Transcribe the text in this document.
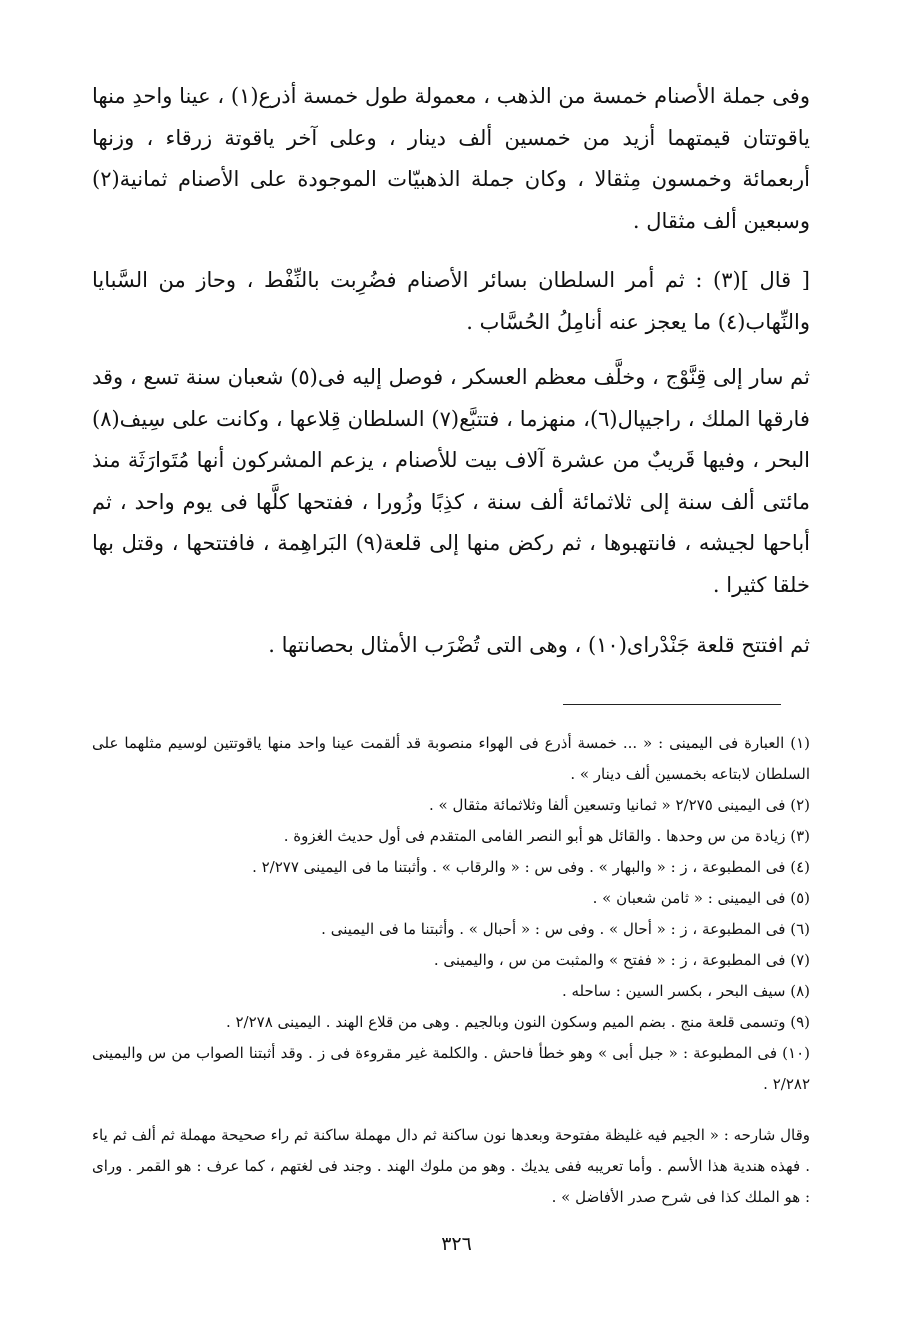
وفى جملة الأصنام خمسة من الذهب ، معمولة طول خمسة أذرع(١) ، عينا واحدِ منها ياقوتتان قيمتهما أزيد من خمسين ألف دينار ، وعلى آخر ياقوتة زرقاء ، وزنها أربعمائة وخمسون مِثقالا ، وكان جملة الذهبيّات الموجودة على الأصنام ثمانية(٢) وسبعين ألف مثقال .

[ قال ](٣) : ثم أمر السلطان بسائر الأصنام فضُرِبت بالنِّفْط ، وحاز من السَّبايا والنِّهاب(٤) ما يعجز عنه أنامِلُ الحُسَّاب .

ثم سار إلى قِنَّوْج ، وخلَّف معظم العسكر ، فوصل إليه فى(٥) شعبان سنة تسع ، وقد فارقها الملك ، راجيپال(٦)، منهزما ، فتتبَّع(٧) السلطان قِلاعها ، وكانت على سِيف(٨) البحر ، وفيها قَريبٌ من عشرة آلاف بيت للأصنام ، يزعم المشركون أنها مُتَوارَثَة منذ مائتى ألف سنة إلى ثلاثمائة ألف سنة ، كذِبًا وزُورا ، ففتحها كلَّها فى يوم واحد ، ثم أباحها لجيشه ، فانتهبوها ، ثم ركض منها إلى قلعة(٩) البَراهِمة ، فافتتحها ، وقتل بها خلقا كثيرا .

ثم افتتح قلعة جَنْدْراى(١٠) ، وهى التى تُضْرَب الأمثال بحصانتها .

(١) العبارة فى اليمينى : « ... خمسة أذرع فى الهواء منصوبة قد ألقمت عينا واحد منها ياقوتتين لوسيم مثلهما على السلطان لابتاعه بخمسين ألف دينار » .
(٢) فى اليمينى ٢/٢٧٥ « ثمانيا وتسعين ألفا وثلاثمائة مثقال » .
(٣) زيادة من س وحدها . والقائل هو أبو النصر الفامى المتقدم فى أول حديث الغزوة .
(٤) فى المطبوعة ، ز : « والبهار » . وفى س : « والرقاب » . وأثبتنا ما فى اليمينى ٢/٢٧٧ .
(٥) فى اليمينى : « ثامن شعبان » .
(٦) فى المطبوعة ، ز : « أحال » . وفى س : « أحبال » . وأثبتنا ما فى اليمينى .
(٧) فى المطبوعة ، ز : « ففتح » والمثبت من س ، واليمينى .
(٨) سيف البحر ، بكسر السين : ساحله .
(٩) وتسمى قلعة منج . بضم الميم وسكون النون وبالجيم . وهى من قلاع الهند . اليمينى ٢/٢٧٨ .
(١٠) فى المطبوعة : « جبل أبى » وهو خطأ فاحش . والكلمة غير مقروءة فى ز . وقد أثبتنا الصواب من س واليمينى ٢/٢٨٢ .

وقال شارحه : « الجيم فيه غليظة مفتوحة وبعدها نون ساكنة ثم دال مهملة ساكنة ثم راء صحيحة مهملة ثم ألف ثم ياء . فهذه هندية هذا الأسم . وأما تعريبه ففى يديك . وهو من ملوك الهند . وجند فى لغتهم ، كما عرف : هو القمر . وراى : هو الملك كذا فى شرح صدر الأفاضل » .

٣٢٦
